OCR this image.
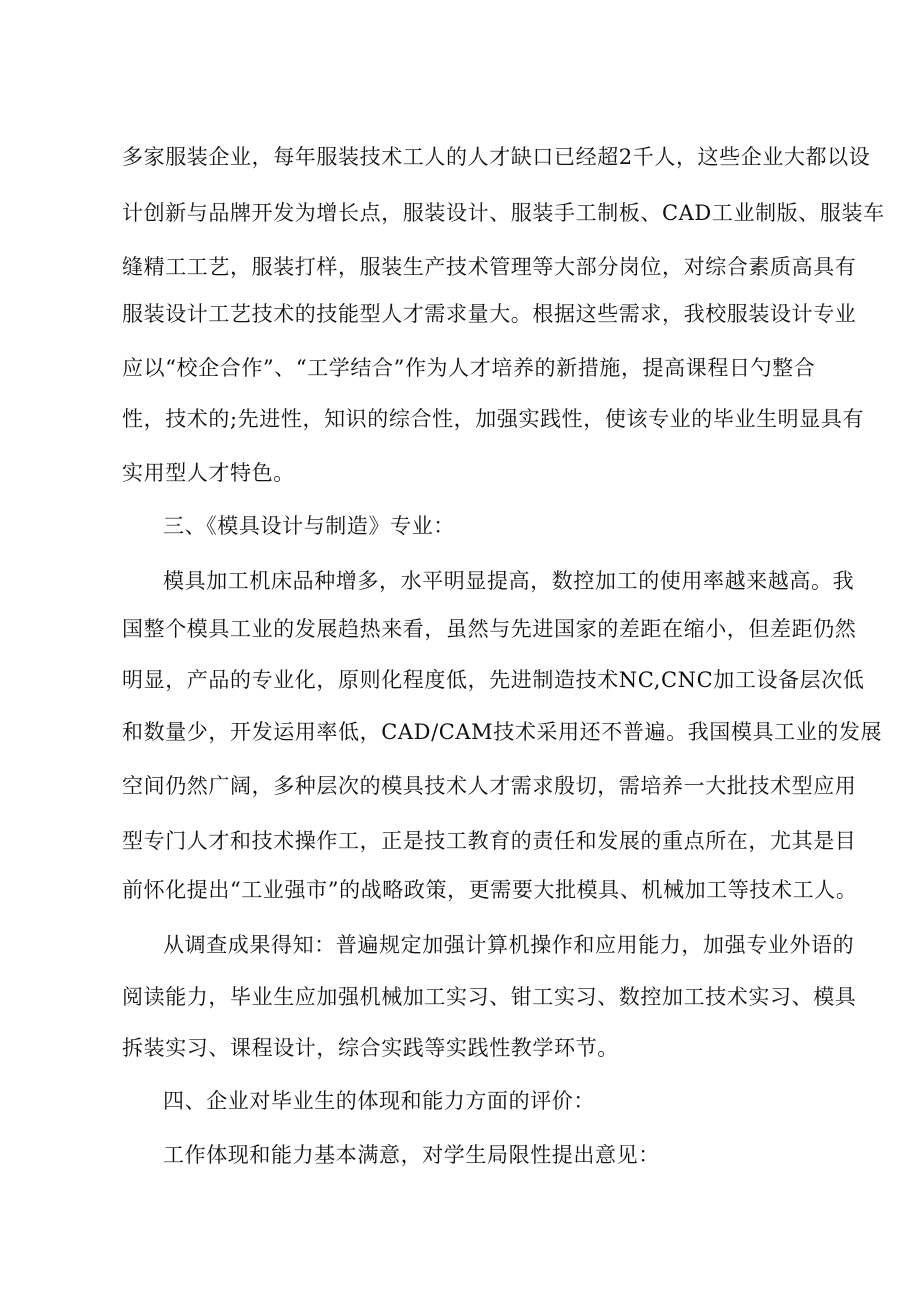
多家服装企业，每年服装技术工人的人才缺口已经超2千人，这些企业大都以设
计创新与品牌开发为增长点，服装设计、服装手工制板、CAD工业制版、服装车
缝精工工艺，服装打样，服装生产技术管理等大部分岗位，对综合素质高具有
服装设计工艺技术的技能型人才需求量大。根据这些需求，我校服装设计专业
应以“校企合作”、“工学结合”作为人才培养的新措施，提高课程日勺整合
性，技术的;先进性，知识的综合性，加强实践性，使该专业的毕业生明显具有
实用型人才特色。
三、《模具设计与制造》专业：
模具加工机床品种增多，水平明显提高，数控加工的使用率越来越高。我
国整个模具工业的发展趋热来看，虽然与先进国家的差距在缩小，但差距仍然
明显，产品的专业化，原则化程度低，先进制造技术NC,CNC加工设备层次低
和数量少，开发运用率低，CAD/CAM技术采用还不普遍。我国模具工业的发展
空间仍然广阔，多种层次的模具技术人才需求殷切，需培养一大批技术型应用
型专门人才和技术操作工，正是技工教育的责任和发展的重点所在，尤其是目
前怀化提出“工业强市”的战略政策，更需要大批模具、机械加工等技术工人。
从调查成果得知：普遍规定加强计算机操作和应用能力，加强专业外语的
阅读能力，毕业生应加强机械加工实习、钳工实习、数控加工技术实习、模具
拆装实习、课程设计，综合实践等实践性教学环节。
四、企业对毕业生的体现和能力方面的评价：
工作体现和能力基本满意，对学生局限性提出意见：
